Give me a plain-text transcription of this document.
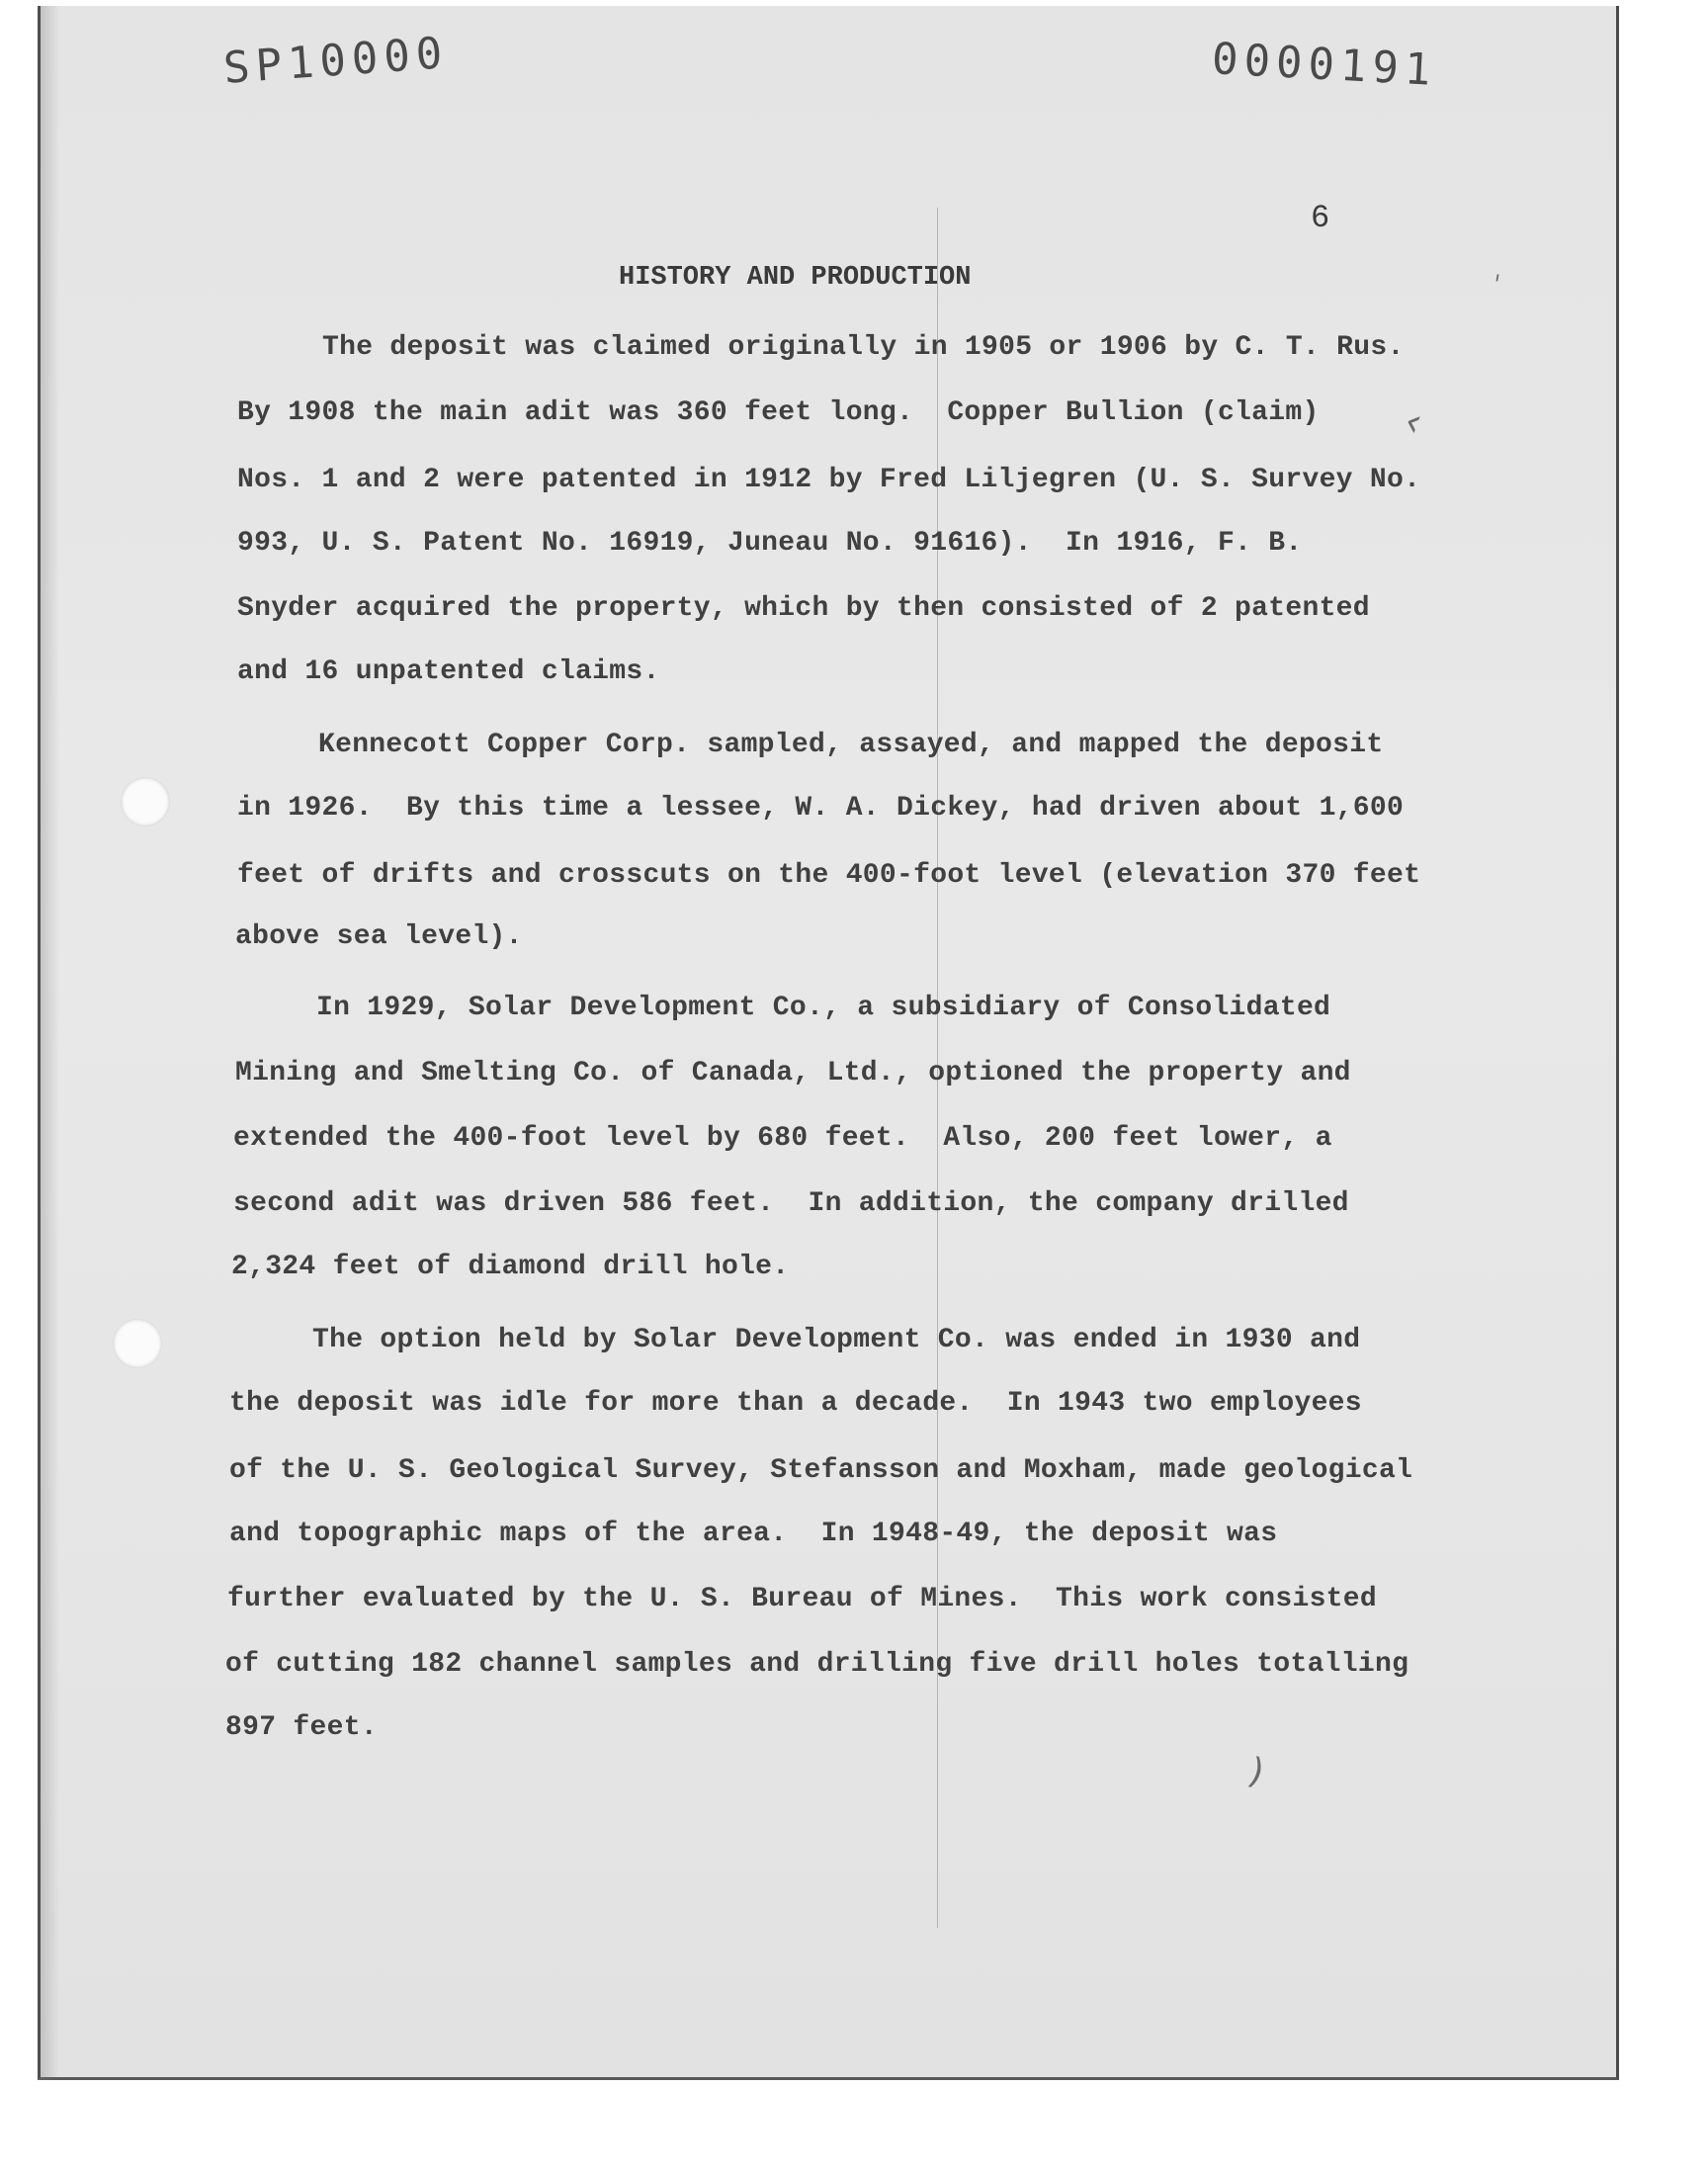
SP10000	0000191
6
HISTORY AND PRODUCTION
The deposit was claimed originally in 1905 or 1906 by C. T. Rus.
By 1908 the main adit was 360 feet long.  Copper Bullion (claim)
Nos. 1 and 2 were patented in 1912 by Fred Liljegren (U. S. Survey No.
993, U. S. Patent No. 16919, Juneau No. 91616).  In 1916, F. B.
Snyder acquired the property, which by then consisted of 2 patented
and 16 unpatented claims.
Kennecott Copper Corp. sampled, assayed, and mapped the deposit
in 1926.  By this time a lessee, W. A. Dickey, had driven about 1,600
feet of drifts and crosscuts on the 400-foot level (elevation 370 feet
above sea level).
In 1929, Solar Development Co., a subsidiary of Consolidated
Mining and Smelting Co. of Canada, Ltd., optioned the property and
extended the 400-foot level by 680 feet.  Also, 200 feet lower, a
second adit was driven 586 feet.  In addition, the company drilled
2,324 feet of diamond drill hole.
The option held by Solar Development Co. was ended in 1930 and
the deposit was idle for more than a decade.  In 1943 two employees
of the U. S. Geological Survey, Stefansson and Moxham, made geological
and topographic maps of the area.  In 1948-49, the deposit was
further evaluated by the U. S. Bureau of Mines.  This work consisted
of cutting 182 channel samples and drilling five drill holes totalling
897 feet.
‹
ˈ
)
